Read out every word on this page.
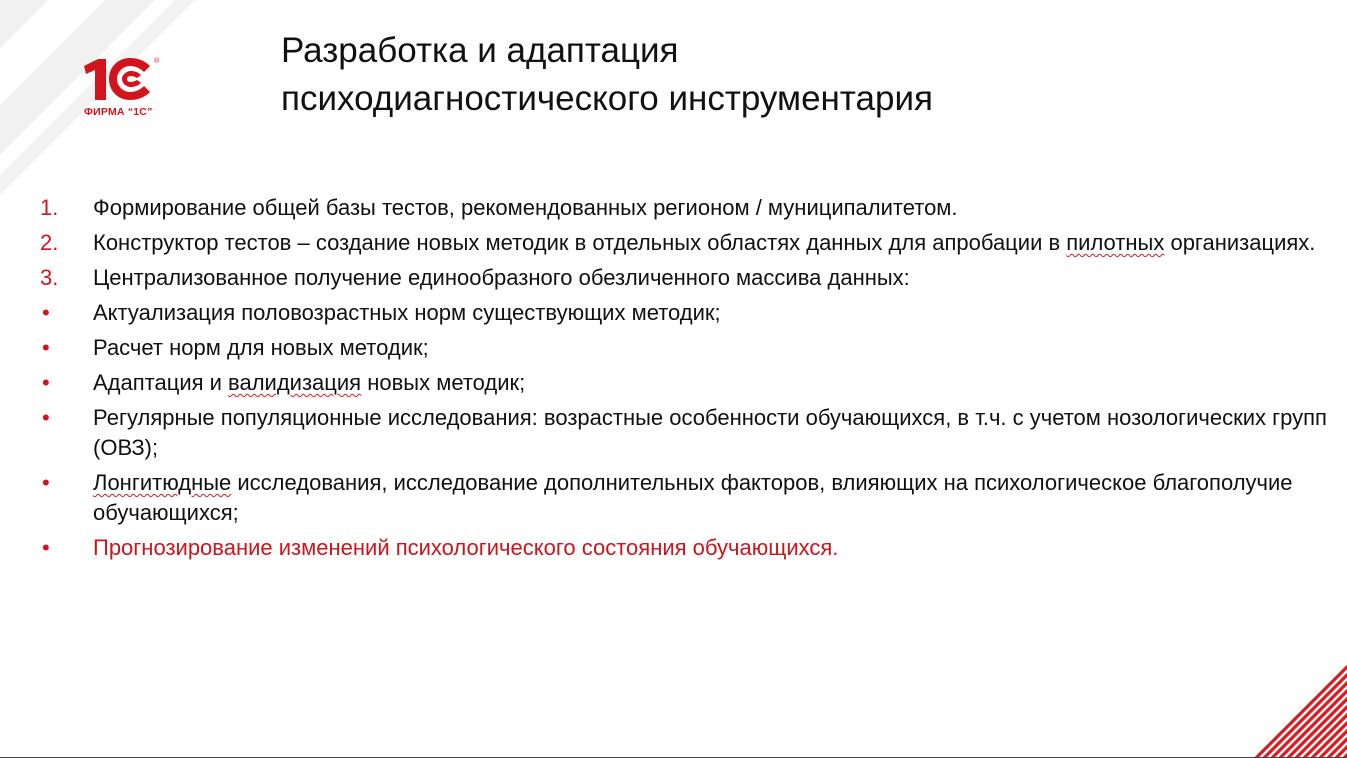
®
ФИРМА “1С”
Разработка и адаптация
психодиагностического инструментария
1.	Формирование общей базы тестов, рекомендованных регионом / муниципалитетом.
2.	Конструктор тестов – создание новых методик в отдельных областях данных для апробации в пилотных организациях.
3.	Централизованное получение единообразного обезличенного массива данных:
•	Актуализация половозрастных норм существующих методик;
•	Расчет норм для новых методик;
•	Адаптация и валидизация новых методик;
•	Регулярные популяционные исследования: возрастные особенности обучающихся, в т.ч. с учетом нозологических групп (ОВЗ);
•	Лонгитюдные исследования, исследование дополнительных факторов, влияющих на психологическое благополучие обучающихся;
•	Прогнозирование изменений психологического состояния обучающихся.
